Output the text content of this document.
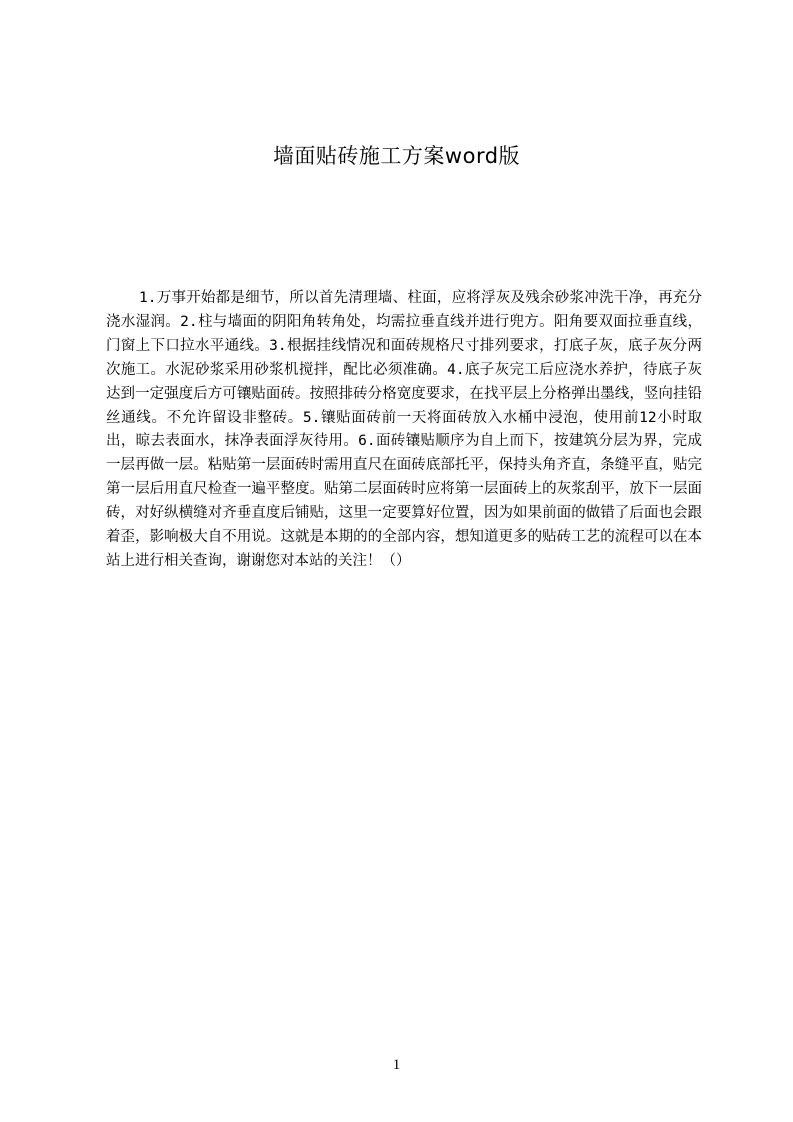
墙面贴砖施工方案word版

1.万事开始都是细节，所以首先清理墙、柱面，应将浮灰及残余砂浆冲洗干净，再充分浇水湿润。2.柱与墙面的阴阳角转角处，均需拉垂直线并进行兜方。阳角要双面拉垂直线，门窗上下口拉水平通线。3.根据挂线情况和面砖规格尺寸排列要求，打底子灰，底子灰分两次施工。水泥砂浆采用砂浆机搅拌，配比必须准确。4.底子灰完工后应浇水养护，待底子灰达到一定强度后方可镶贴面砖。按照排砖分格宽度要求，在找平层上分格弹出墨线，竖向挂铅丝通线。不允许留设非整砖。5.镶贴面砖前一天将面砖放入水桶中浸泡，使用前12小时取出，晾去表面水，抹净表面浮灰待用。6.面砖镶贴顺序为自上而下，按建筑分层为界，完成一层再做一层。粘贴第一层面砖时需用直尺在面砖底部托平，保持头角齐直，条缝平直，贴完第一层后用直尺检查一遍平整度。贴第二层面砖时应将第一层面砖上的灰浆刮平，放下一层面砖，对好纵横缝对齐垂直度后铺贴，这里一定要算好位置，因为如果前面的做错了后面也会跟着歪，影响极大自不用说。这就是本期的的全部内容，想知道更多的贴砖工艺的流程可以在本站上进行相关查询，谢谢您对本站的关注！（）

1
